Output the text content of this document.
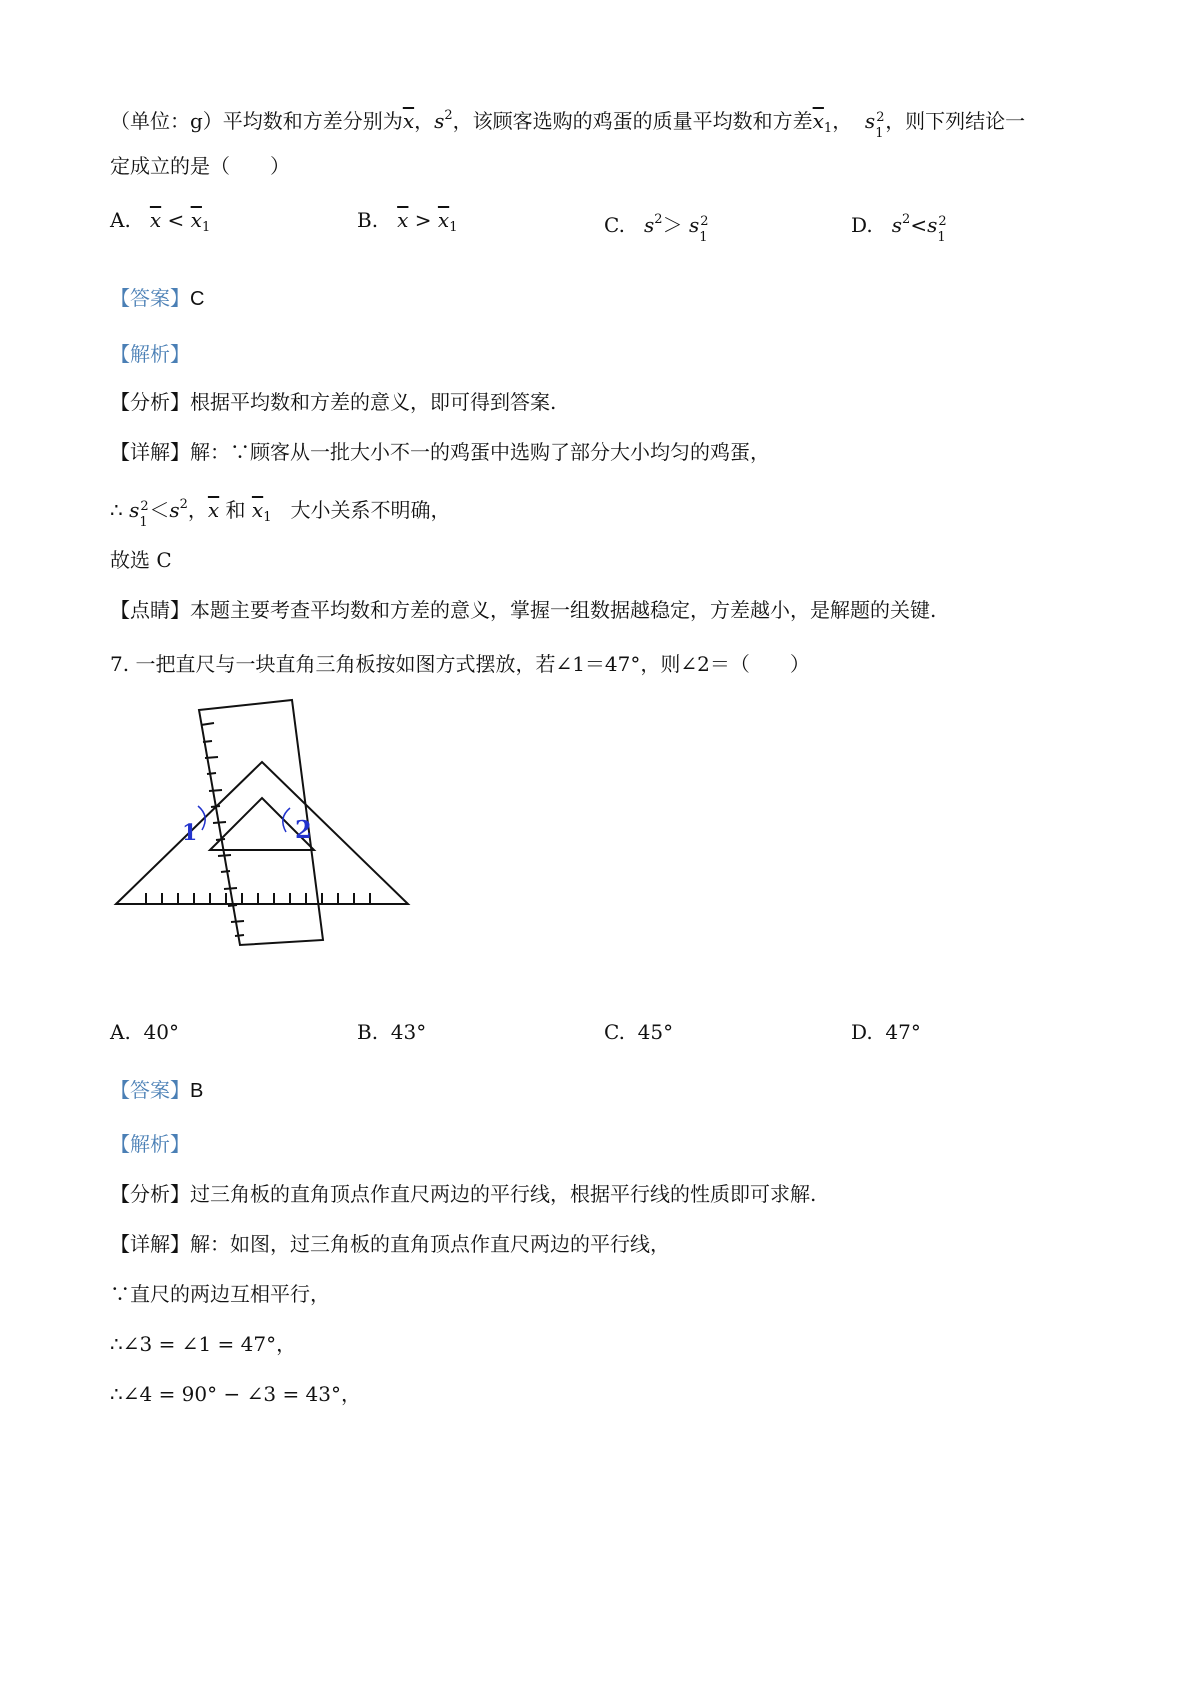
（单位：g）平均数和方差分别为$\overline{x}$，$s^2$，该顾客选购的鸡蛋的质量平均数和方差$\overline{x}_1$， s 2
1 ，则下列结论一
定成立的是（　　）
A. $\overline{x} < \overline{x}_1$	B. $\overline{x} > \overline{x}_1$	C. $s^2> s$ 2
1	D. $s^2<s$ 2
1
【答案】C
【解析】
【分析】根据平均数和方差的意义，即可得到答案.
【详解】解：∵顾客从一批大小不一的鸡蛋中选购了部分大小均匀的鸡蛋，
∴ s 2
$1 <s^2$，$\overline{x}$ 和 $\overline{x}_1$ 大小关系不明确，
故选 C
【点睛】本题主要考查平均数和方差的意义，掌握一组数据越稳定，方差越小，是解题的关键.
7. 一把直尺与一块直角三角板按如图方式摆放，若∠1＝47°，则∠2＝（　　）
1	2
A. 40°	B. 43°	C. 45°	D. 47°
【答案】B
【解析】
【分析】过三角板的直角顶点作直尺两边的平行线，根据平行线的性质即可求解.
【详解】解：如图，过三角板的直角顶点作直尺两边的平行线，
∵直尺的两边互相平行，
∴∠3 = ∠1 = 47°，
∴∠4 = 90° − ∠3 = 43°，
